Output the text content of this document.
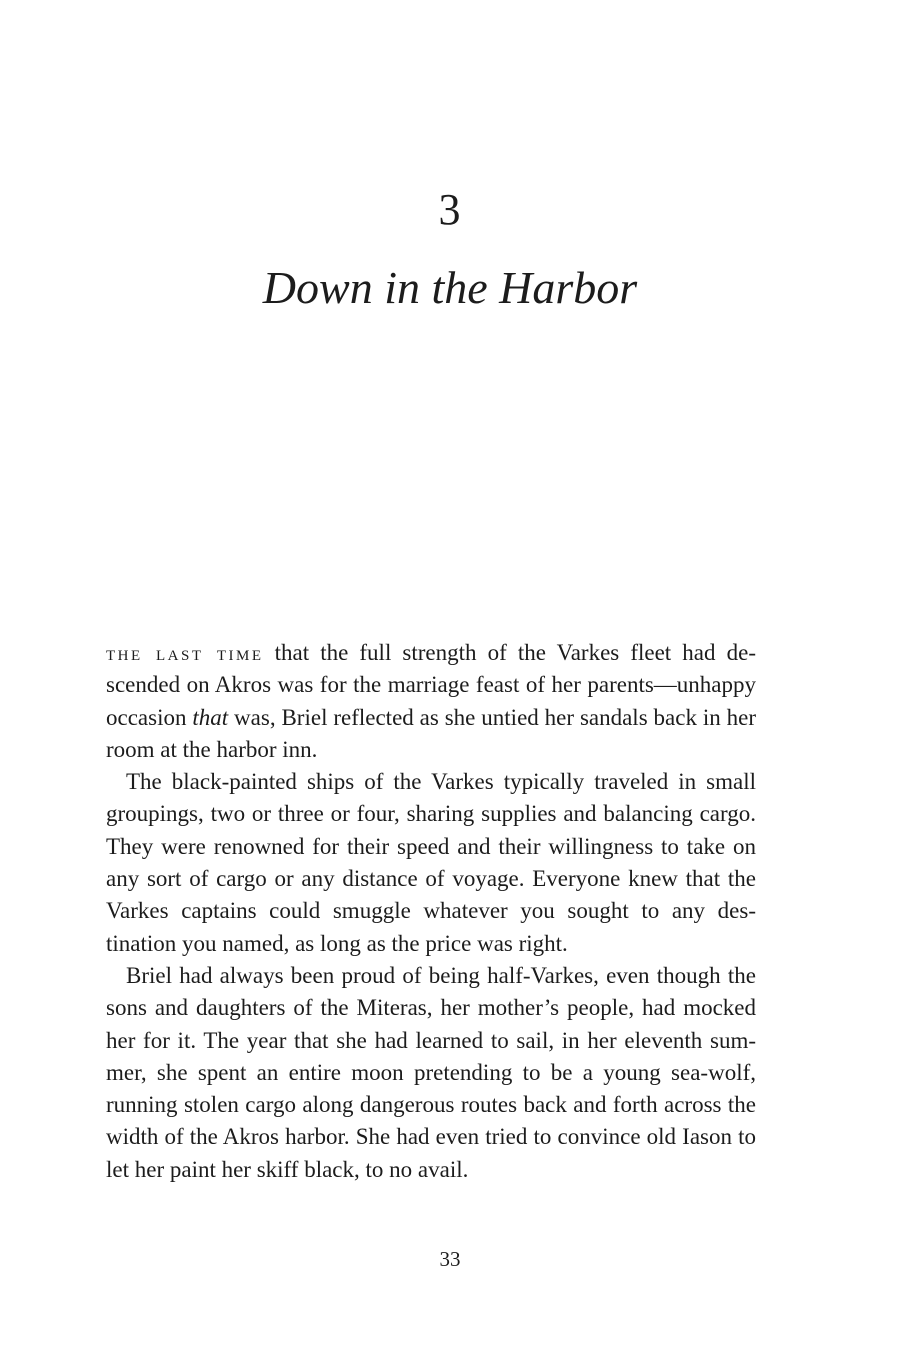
3
Down in the Harbor

the last time that the full strength of the Varkes fleet had descended on Akros was for the marriage feast of her parents—unhappy occasion that was, Briel reflected as she untied her sandals back in her room at the harbor inn.

The black-painted ships of the Varkes typically traveled in small groupings, two or three or four, sharing supplies and balancing cargo. They were renowned for their speed and their willingness to take on any sort of cargo or any distance of voyage. Everyone knew that the Varkes captains could smuggle whatever you sought to any destination you named, as long as the price was right.

Briel had always been proud of being half-Varkes, even though the sons and daughters of the Miteras, her mother’s people, had mocked her for it. The year that she had learned to sail, in her eleventh summer, she spent an entire moon pretending to be a young sea-wolf, running stolen cargo along dangerous routes back and forth across the width of the Akros harbor. She had even tried to convince old Iason to let her paint her skiff black, to no avail.

33
